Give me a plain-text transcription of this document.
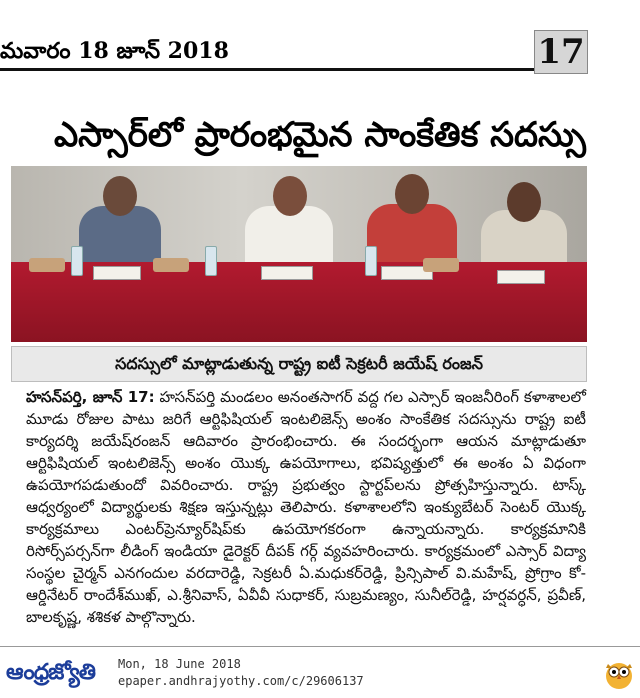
మవారం 18 జూన్ 2018	17
ఎస్సార్‌లో ప్రారంభమైన సాంకేతిక సదస్సు
సదస్సులో మాట్లాడుతున్న రాష్ట్ర ఐటీ సెక్రటరీ జయేష్ రంజన్

హసన్‌పర్తి, జూన్ 17: హసన్‌పర్తి మండలం అనంతసాగర్ వద్ద గల ఎస్సార్ ఇంజనీరింగ్ కళాశాలలో మూడు రోజుల పాటు జరిగే ఆర్టిఫిషియల్ ఇంటలిజెన్స్ అంశం సాంకేతిక సదస్సును రాష్ట్ర ఐటీ కార్యదర్శి జయేష్‌రంజన్ ఆదివారం ప్రారంభించారు. ఈ సందర్భంగా ఆయన మాట్లాడుతూ ఆర్టిఫిషియల్ ఇంటలిజెన్స్ అంశం యొక్క ఉపయోగాలు, భవిష్యత్తులో ఈ అంశం ఏ విధంగా ఉపయోగపడుతుందో వివరించారు. రాష్ట్ర ప్రభుత్వం స్టార్టప్‌లను ప్రోత్సహిస్తున్నారు. టాస్క్ ఆధ్వర్యంలో విద్యార్థులకు శిక్షణ ఇస్తున్నట్లు తెలిపారు. కళాశాలలోని ఇంక్యుబేటర్ సెంటర్ యొక్క కార్యక్రమాలు ఎంటర్‌ప్రెన్యూర్‌షిప్‌కు ఉపయోగకరంగా ఉన్నాయన్నారు. కార్యక్రమానికి రిసోర్స్‌పర్సన్‌గా లీడింగ్ ఇండియా డైరెక్టర్ దీపక్ గర్గ్ వ్యవహరించారు. కార్యక్రమంలో ఎస్సార్ విద్యా సంస్థల చైర్మన్ ఎనగందుల వరదారెడ్డి, సెక్రటరీ ఏ.మధుకర్‌రెడ్డి, ప్రిన్సిపాల్ వి.మహేష్, ప్రోగ్రాం కో-ఆర్డినేటర్ రాందేశ్‌ముఖ్, ఎ.శ్రీనివాస్, ఏవీవీ సుధాకర్, సుబ్రమణ్యం, సునీల్‌రెడ్డి, హర్షవర్ధన్, ప్రవీణ్, బాలకృష్ణ, శశికళ పాల్గొన్నారు.

ఆంధ్రజ్యోతి Mon, 18 June 2018
epaper.andhrajyothy.com/c/29606137
